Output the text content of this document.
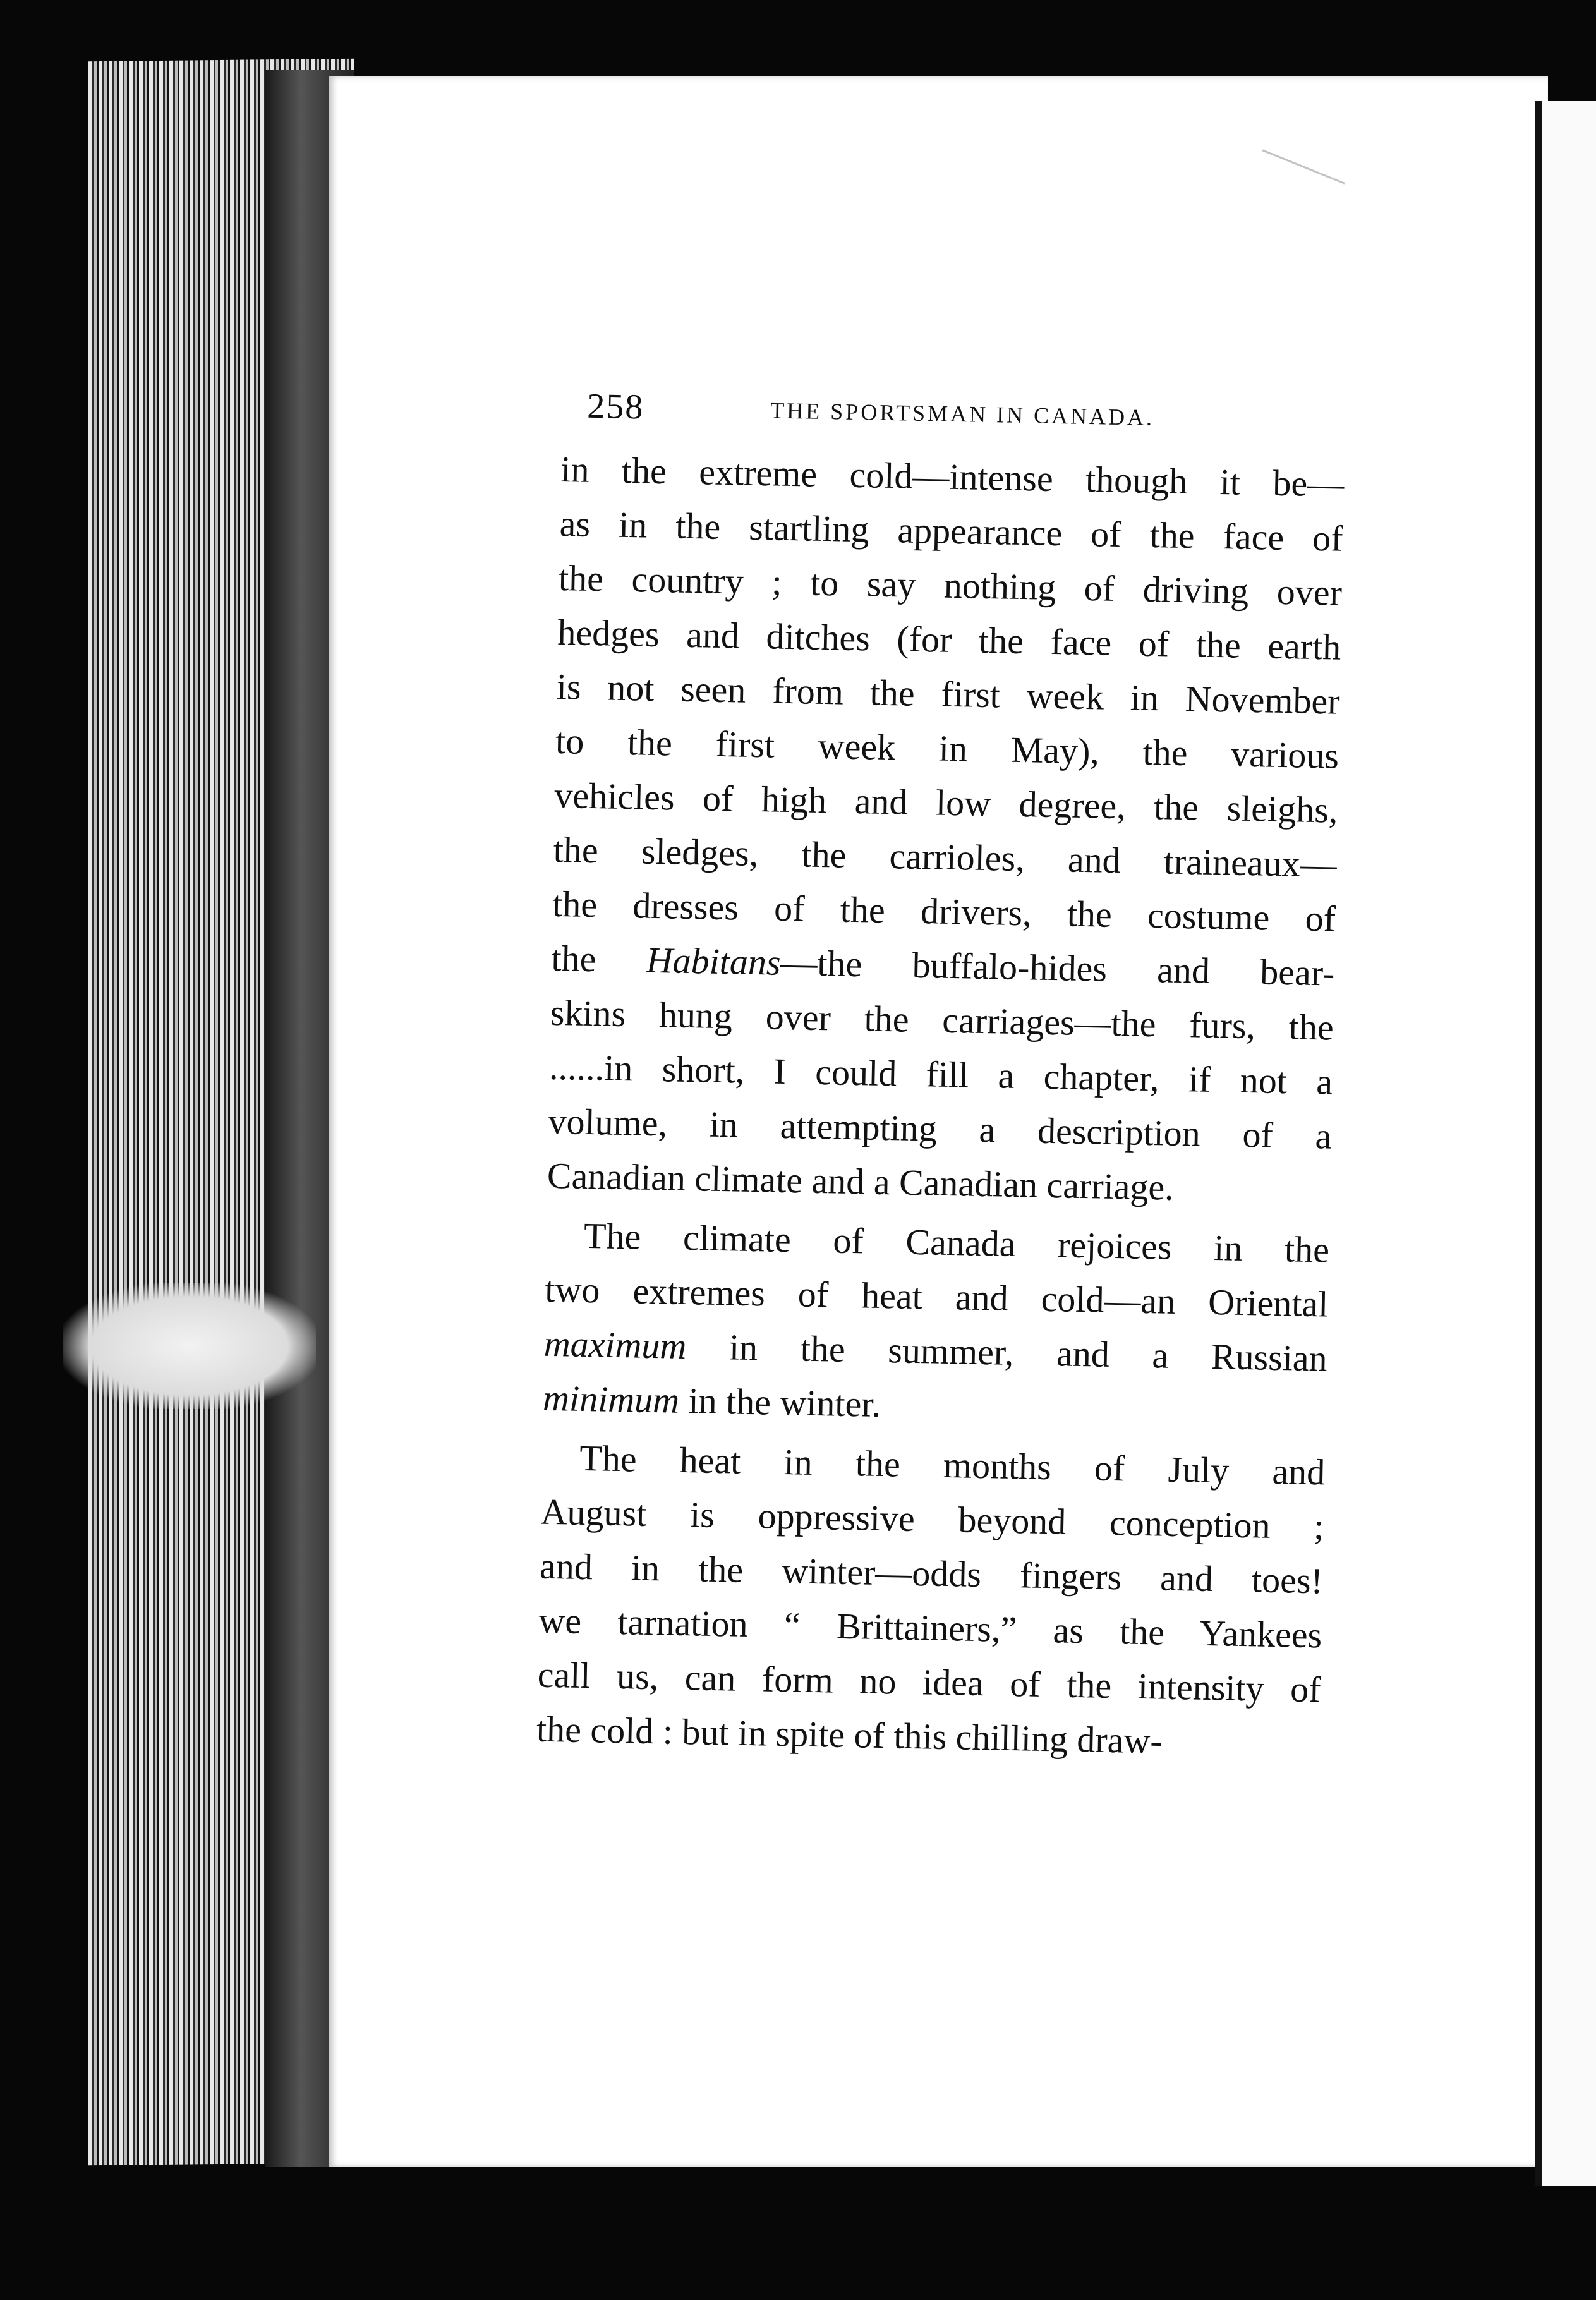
258	THE SPORTSMAN IN CANADA.
in the extreme cold—intense though it be—
as in the startling appearance of the face of
the country ; to say nothing of driving over
hedges and ditches (for the face of the earth
is not seen from the first week in November
to the first week in May), the various
vehicles of high and low degree, the sleighs,
the sledges, the carrioles, and traineaux—
the dresses of the drivers, the costume of
the Habitans—the buffalo-hides and bear-
skins hung over the carriages—the furs, the
......in short, I could fill a chapter, if not a
volume, in attempting a description of a
Canadian climate and a Canadian carriage.
The climate of Canada rejoices in the
two extremes of heat and cold—an Oriental
maximum in the summer, and a Russian
minimum in the winter.
The heat in the months of July and
August is oppressive beyond conception ;
and in the winter—odds fingers and toes!
we tarnation “ Brittainers,” as the Yankees
call us, can form no idea of the intensity of
the cold : but in spite of this chilling draw-
